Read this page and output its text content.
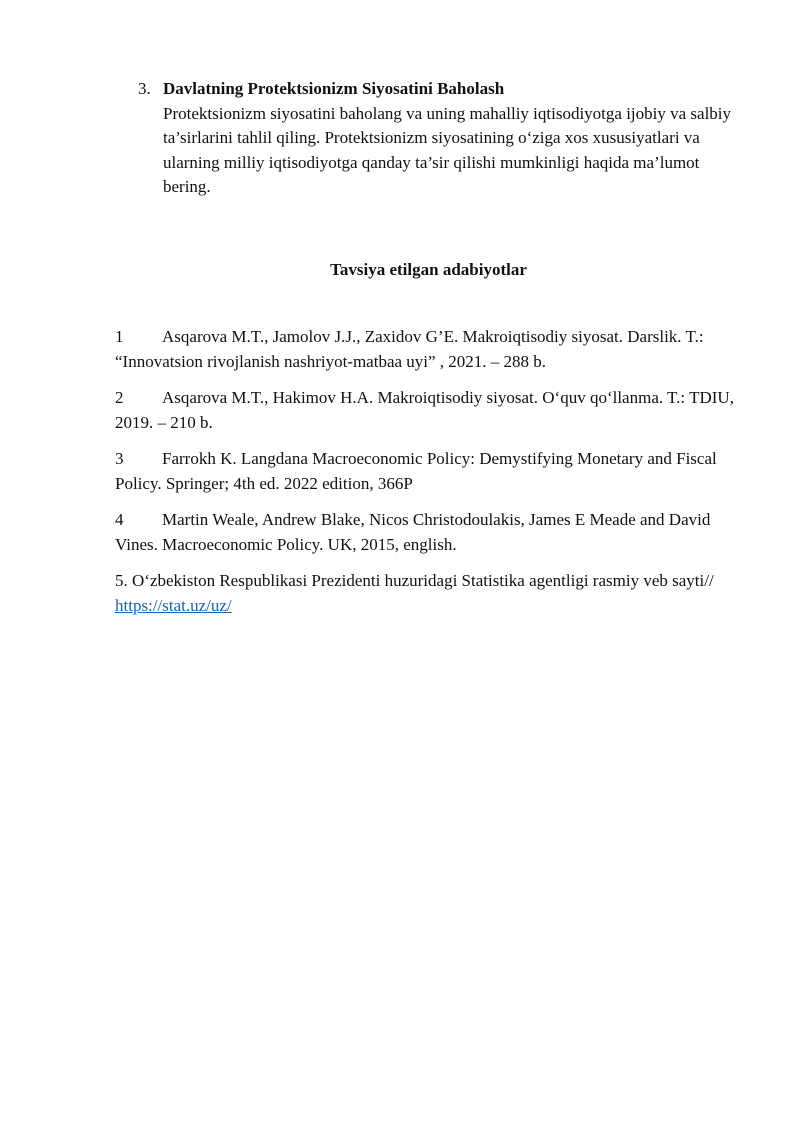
3. Davlatning Protektsionizm Siyosatini Baholash
Protektsionizm siyosatini baholang va uning mahalliy iqtisodiyotga ijobiy va salbiy ta’sirlarini tahlil qiling. Protektsionizm siyosatining o‘ziga xos xususiyatlari va ularning milliy iqtisodiyotga qanday ta’sir qilishi mumkinligi haqida ma’lumot bering.
Tavsiya etilgan adabiyotlar

1 Asqarova M.T., Jamolov J.J., Zaxidov G’E. Makroiqtisodiy siyosat. Darslik. T.: “Innovatsion rivojlanish nashriyot-matbaa uyi” , 2021. – 288 b.

2 Asqarova M.T., Hakimov H.A. Makroiqtisodiy siyosat. O‘quv qo‘llanma. T.: TDIU, 2019. – 210 b.

3 Farrokh K. Langdana Macroeconomic Policy: Demystifying Monetary and Fiscal Policy. Springer; 4th ed. 2022 edition, 366P

4 Martin Weale, Andrew Blake, Nicos Christodoulakis, James E Meade and David Vines. Macroeconomic Policy. UK, 2015, english.

5. O‘zbekiston Respublikasi Prezidenti huzuridagi Statistika agentligi rasmiy veb sayti// https://stat.uz/uz/
